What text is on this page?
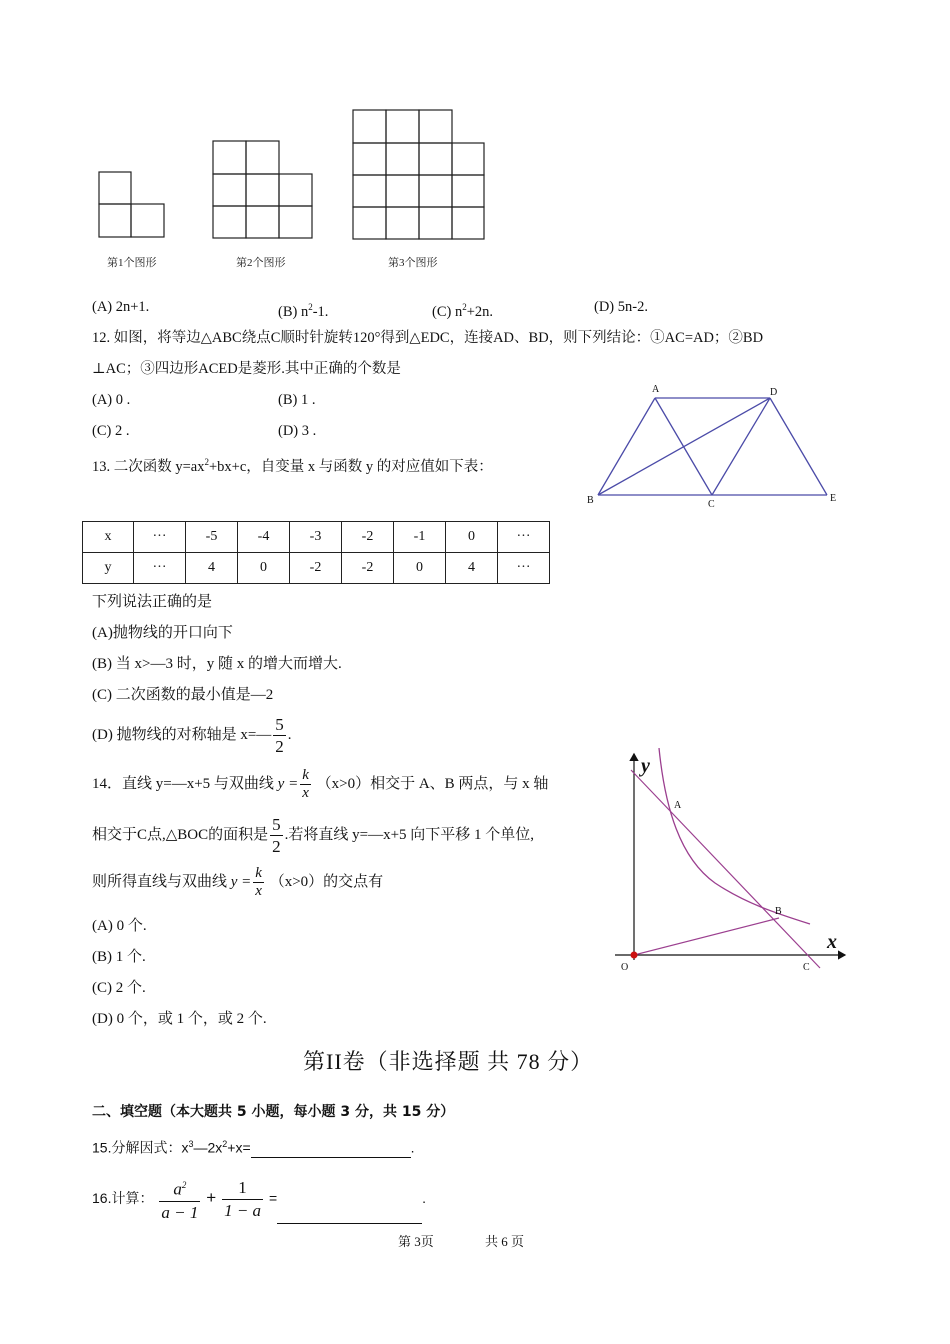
第1个图形	第2个图形	第3个图形
(A) 2n+1.	(B) $n^2-1$.	(C) $n^2+2n$.	(D) 5n-2.
12. 如图，将等边△ABC绕点C顺时针旋转120°得到△EDC，连接AD、BD，则下列结论：①AC=AD；②BD
⊥AC；③四边形ACED是菱形.其中正确的个数是
(A) 0 .	(B) 1 .
(C) 2 .	(D) 3 .
A	D
B	C
E
13. 二次函数 $y=ax^2+bx+c$，自变量 x 与函数 y 的对应值如下表：
x	···	-5	-4	-3	-2	-1	0	···
y	···	4	0	-2	-2	0	4	···
下列说法正确的是
(A)抛物线的开口向下
(B) 当 x>—3 时，y 随 x 的增大而增大.
(C) 二次函数的最小值是—2
(D) 抛物线的对称轴是 x=— $\frac{5}{2}$ .
14．直线 y=—x+5 与双曲线 $y = \frac{k}{x} (x>0)$相交于 A、B 两点，与 x 轴
相交于C点,△BOC的面积是 $\frac{5}{2}$ .若将直线 y=—x+5 向下平移 1 个单位,
则所得直线与双曲线 $y = \frac{k}{x} (x>0)$的交点有
(A) 0 个.
(B) 1 个.
(C) 2 个.
(D) 0 个，或 1 个，或 2 个.
y
x
A
B
O	C
第II卷（非选择题 共 78 分）
二、填空题（本大题共 5 小题，每小题 3 分，共 15 分）
15.分解因式：$x^3—2x^2+x=$	.
16.计算： $\frac{a^2}{a - 1} + \frac{1}{1 - a}$ =	.
第 3页	共 6 页
